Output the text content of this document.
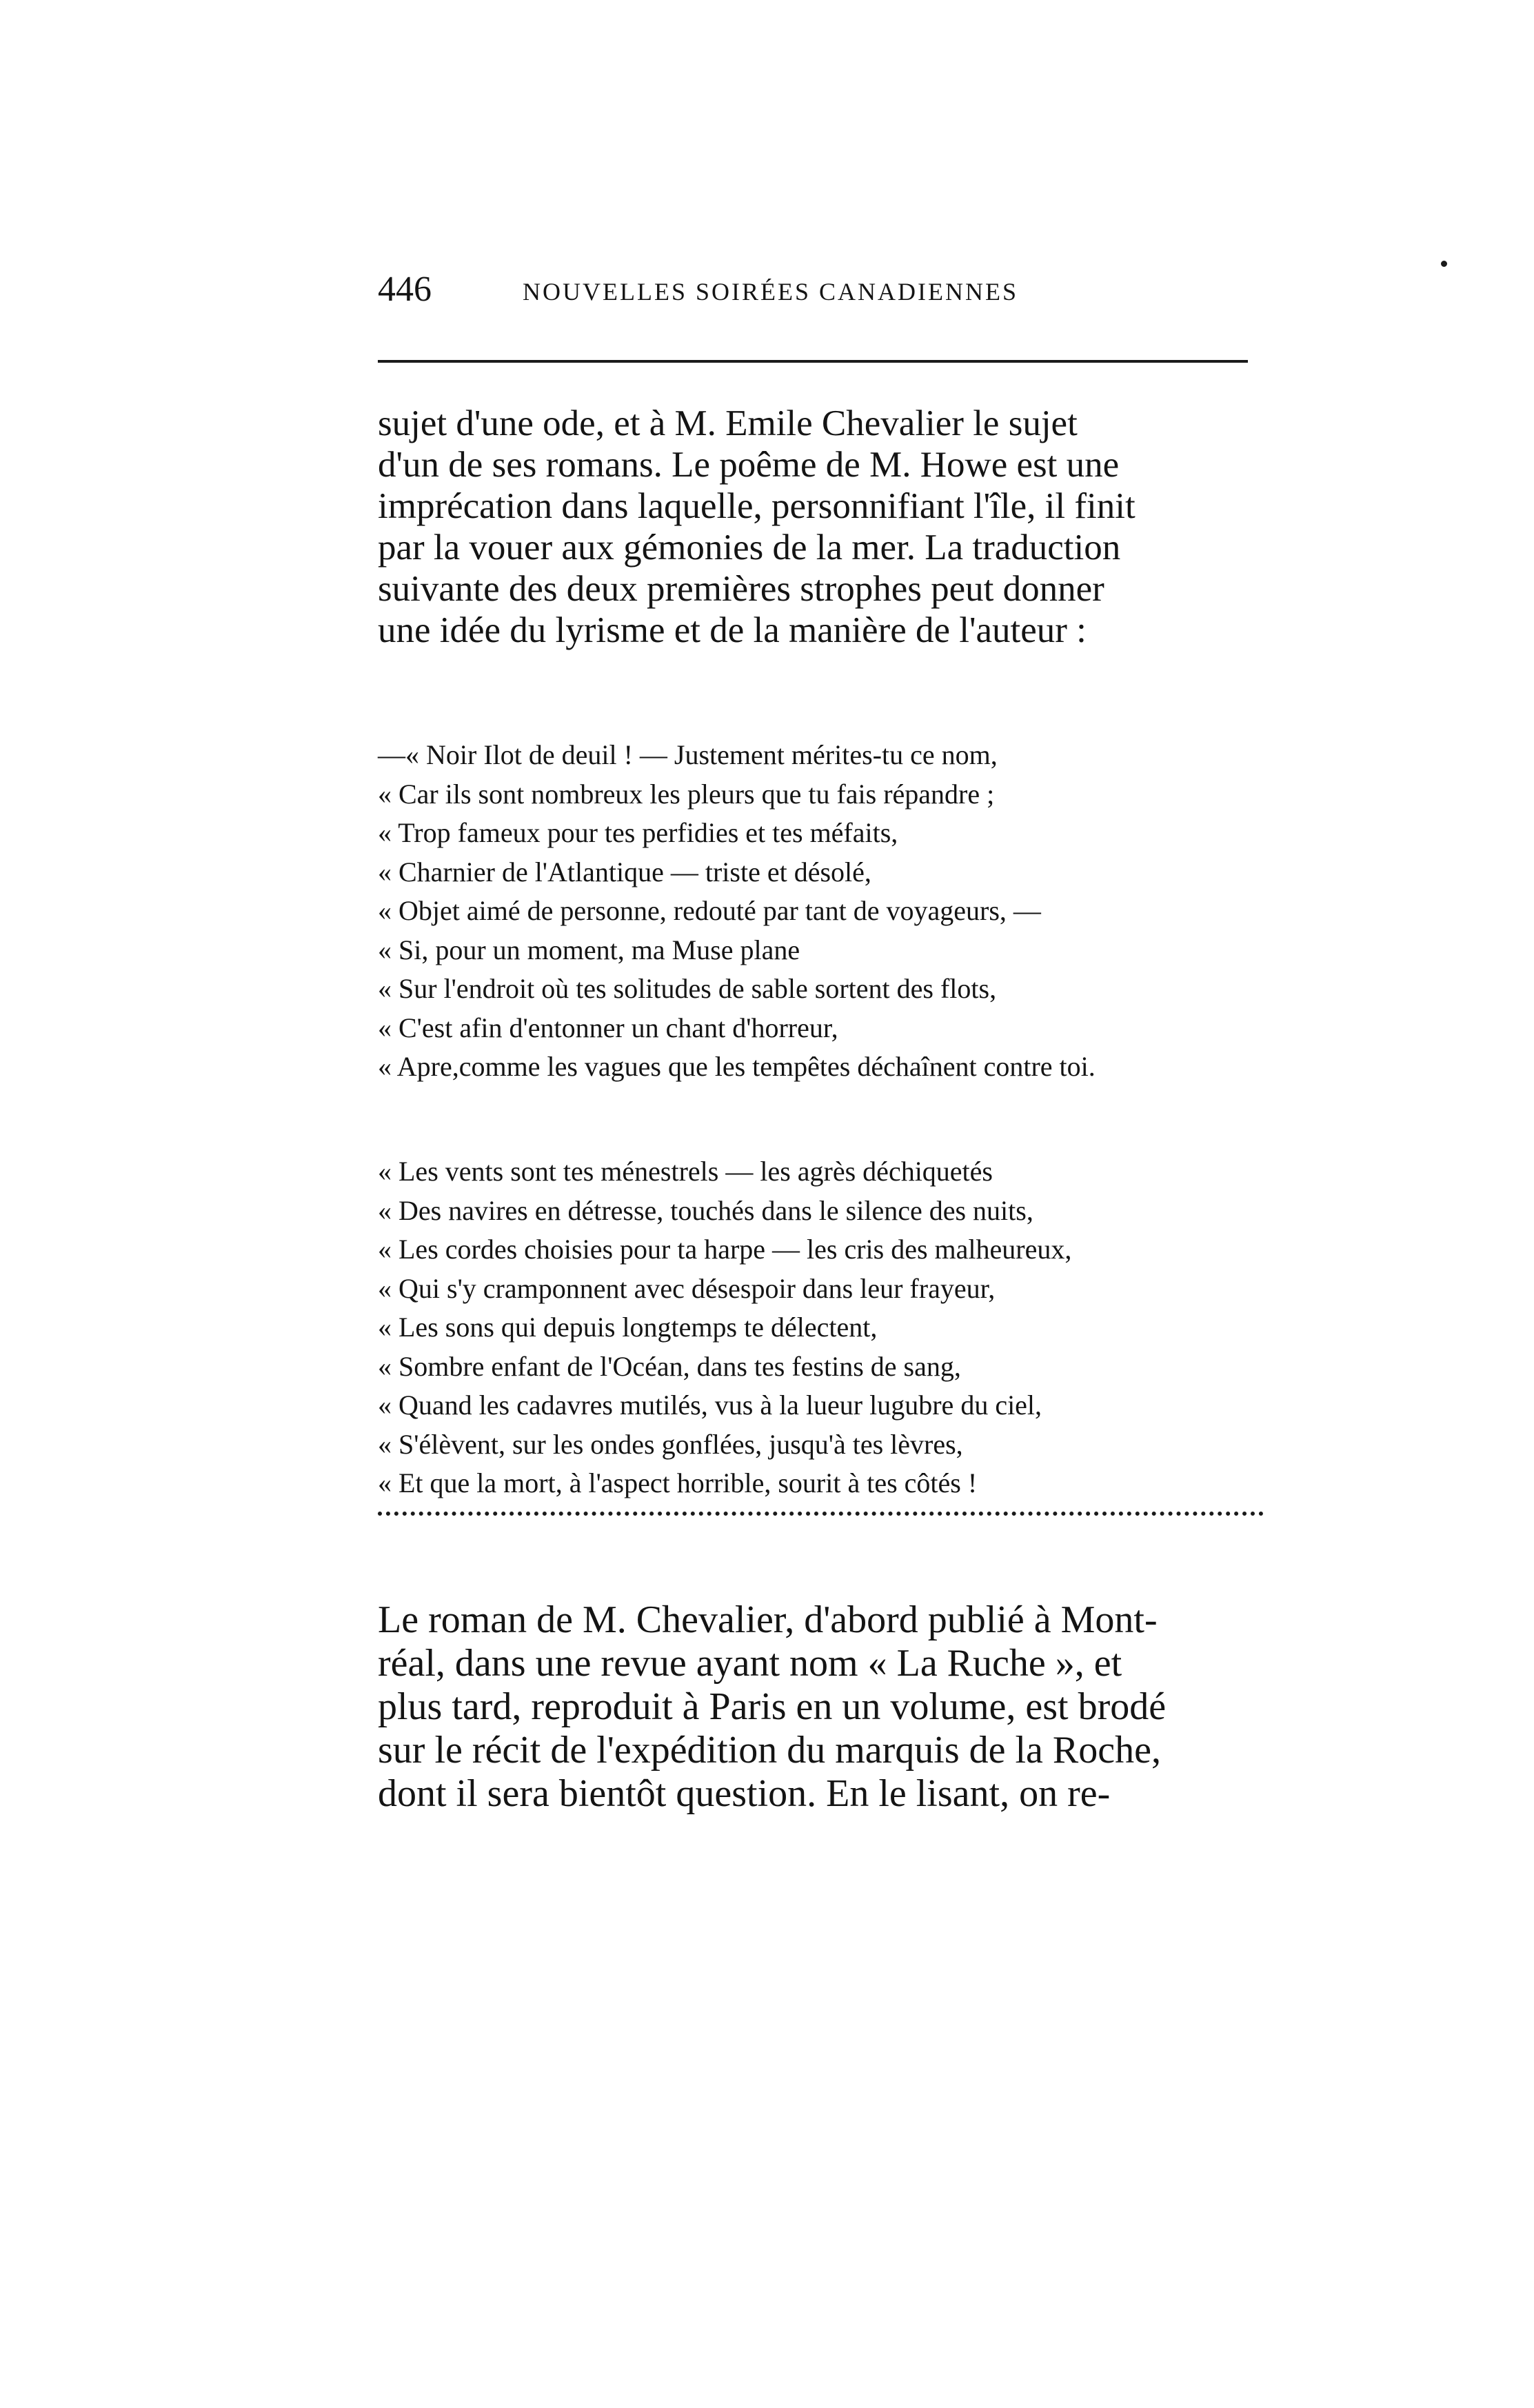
446	NOUVELLES SOIRÉES CANADIENNES

sujet d'une ode, et à M. Emile Chevalier le sujet
d'un de ses romans. Le poême de M. Howe est une
imprécation dans laquelle, personnifiant l'île, il finit
par la vouer aux gémonies de la mer. La traduction
suivante des deux premières strophes peut donner
une idée du lyrisme et de la manière de l'auteur :

—« Noir Ilot de deuil ! — Justement mérites-tu ce nom,
« Car ils sont nombreux les pleurs que tu fais répandre ;
« Trop fameux pour tes perfidies et tes méfaits,
« Charnier de l'Atlantique — triste et désolé,
« Objet aimé de personne, redouté par tant de voyageurs, —
« Si, pour un moment, ma Muse plane
« Sur l'endroit où tes solitudes de sable sortent des flots,
« C'est afin d'entonner un chant d'horreur,
« Apre,comme les vagues que les tempêtes déchaînent contre toi.
« Les vents sont tes ménestrels — les agrès déchiquetés
« Des navires en détresse, touchés dans le silence des nuits,
« Les cordes choisies pour ta harpe — les cris des malheureux,
« Qui s'y cramponnent avec désespoir dans leur frayeur,
« Les sons qui depuis longtemps te délectent,
« Sombre enfant de l'Océan, dans tes festins de sang,
« Quand les cadavres mutilés, vus à la lueur lugubre du ciel,
« S'élèvent, sur les ondes gonflées, jusqu'à tes lèvres,
« Et que la mort, à l'aspect horrible, sourit à tes côtés !

Le roman de M. Chevalier, d'abord publié à Mont-
réal, dans une revue ayant nom « La Ruche », et
plus tard, reproduit à Paris en un volume, est brodé
sur le récit de l'expédition du marquis de la Roche,
dont il sera bientôt question. En le lisant, on re-
